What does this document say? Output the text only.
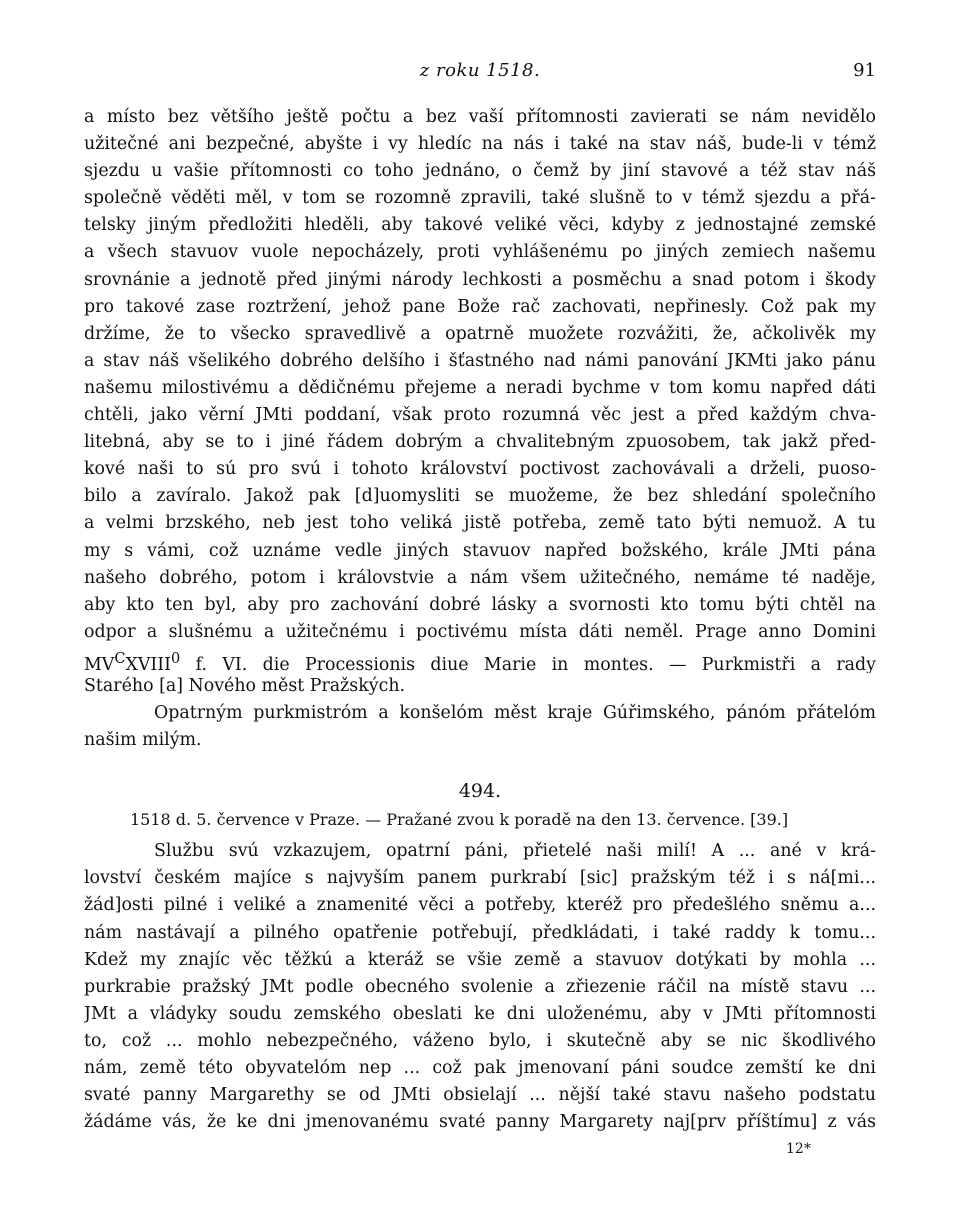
z roku 1518.	91
a místo bez většího ještě počtu a bez vaší přítomnosti zavierati se nám nevidělo
užitečné ani bezpečné, abyšte i vy hledíc na nás i také na stav náš, bude-li v témž
sjezdu u vašie přítomnosti co toho jednáno, o čemž by jiní stavové a též stav náš
společně věděti měl, v tom se rozomně zpravili, také slušně to v témž sjezdu a přá-
telsky jiným předložiti hleděli, aby takové veliké věci, kdyby z jednostajné zemské
a všech stavuov vuole nepocházely, proti vyhlášenému po jiných zemiech našemu
srovnánie a jednotě před jinými národy lechkosti a posměchu a snad potom i škody
pro takové zase roztržení, jehož pane Bože rač zachovati, nepřinesly. Což pak my
držíme, že to všecko spravedlivě a opatrně muožete rozvážiti, že, ačkolivěk my
a stav náš všelikého dobrého delšího i šťastného nad námi panování JKMti jako pánu
našemu milostivému a dědičnému přejeme a neradi bychme v tom komu napřed dáti
chtěli, jako věrní JMti poddaní, však proto rozumná věc jest a před každým chva-
litebná, aby se to i jiné řádem dobrým a chvalitebným zpuosobem, tak jakž před-
kové naši to sú pro svú i tohoto království poctivost zachovávali a drželi, puoso-
bilo a zavíralo. Jakož pak [d]uomysliti se muožeme, že bez shledání společního
a velmi brzského, neb jest toho veliká jistě potřeba, země tato býti nemuož. A tu
my s vámi, což uznáme vedle jiných stavuov napřed božského, krále JMti pána
našeho dobrého, potom i královstvie a nám všem užitečného, nemáme té naděje,
aby kto ten byl, aby pro zachování dobré lásky a svornosti kto tomu býti chtěl na
odpor a slušnému a užitečnému i poctivému místa dáti neměl. Prage anno Domini
$MV^CXVIII^0$ f. VI. die Processionis diue Marie in montes. — Purkmistři a rady
Starého [a] Nového měst Pražských.
Opatrným purkmistróm a konšelóm měst kraje Gúřimského, pánóm přátelóm
našim milým.
494.
1518 d. 5. července v Praze. — Pražané zvou k poradě na den 13. července. [39.]
Službu svú vzkazujem, opatrní páni, přietelé naši milí! A ... ané v krá-
lovství českém majíce s najvyším panem purkrabí [sic] pražským též i s ná[mi...
žád]osti pilné i veliké a znamenité věci a potřeby, kteréž pro předešlého sněmu a...
nám nastávají a pilného opatřenie potřebují, předkládati, i také raddy k tomu...
Kdež my znajíc věc těžkú a kteráž se všie země a stavuov dotýkati by mohla ...
purkrabie pražský JMt podle obecného svolenie a zřiezenie ráčil na místě stavu ...
JMt a vládyky soudu zemského obeslati ke dni uloženému, aby v JMti přítomnosti
to, což ... mohlo nebezpečného, váženo bylo, i skutečně aby se nic škodlivého
nám, země této obyvatelóm nep ... což pak jmenovaní páni soudce zemští ke dni
svaté panny Margarethy se od JMti obsielají ... nější také stavu našeho podstatu
žádáme vás, že ke dni jmenovanému svaté panny Margarety naj[prv příštímu] z vás
12*
